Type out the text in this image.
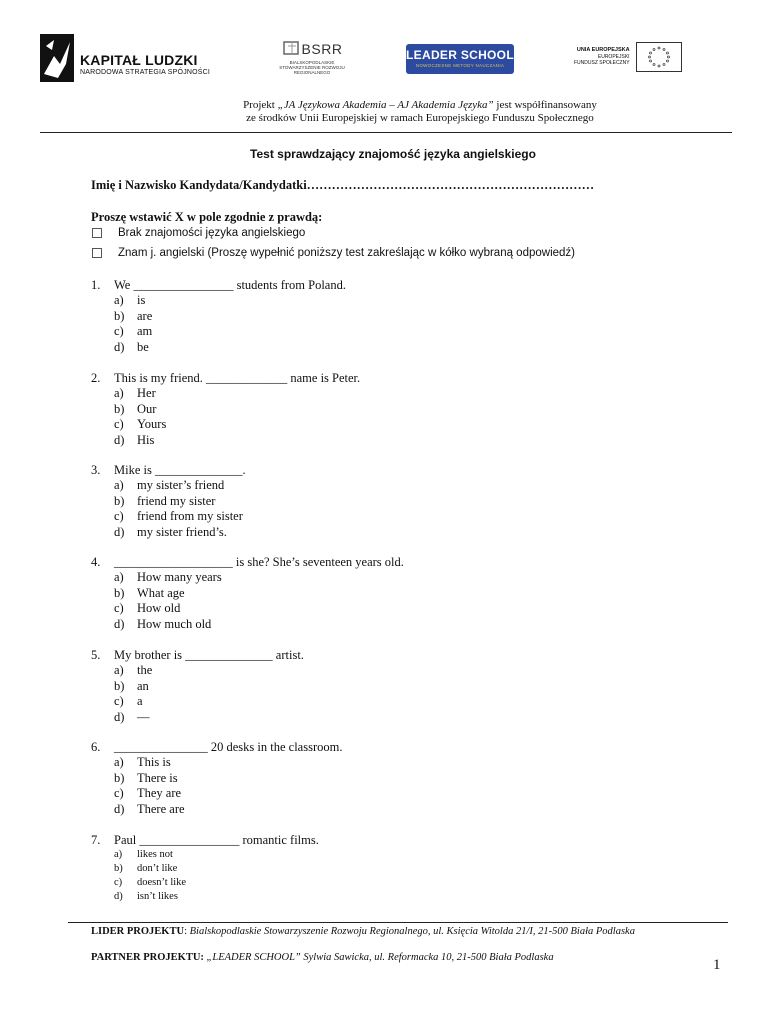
KAPITAŁ LUDZKI
NARODOWA STRATEGIA SPÓJNOŚCI
BSRR
BIALSKOPODLASKIE STOWARZYSZENIE ROZWOJU REGIONALNEGO
LEADER SCHOOL
NOWOCZESNE METODY NAUCZANIA
UNIA EUROPEJSKA
EUROPEJSKI
FUNDUSZ SPOŁECZNY
Projekt „JA Językowa Akademia – AJ Akademia Języka” jest współfinansowany
ze środków Unii Europejskiej w ramach Europejskiego Funduszu Społecznego
Test sprawdzający znajomość języka angielskiego
Imię i Nazwisko Kandydata/Kandydatki……………………………………………………………
Proszę wstawić X w pole zgodnie z prawdą:
Brak znajomości języka angielskiego
Znam j. angielski (Proszę wypełnić poniższy test zakreślając w kółko wybraną odpowiedź)
1.	We ________________ students from Poland.
a)	is
b)	are
c)	am
d)	be
2.	This is my friend. _____________ name is Peter.
a)	Her
b)	Our
c)	Yours
d)	His
3.	Mike is ______________.
a)	my sister’s friend
b)	friend my sister
c)	friend from my sister
d)	my sister friend’s.
4.	___________________ is she? She’s seventeen years old.
a)	How many years
b)	What age
c)	How old
d)	How much old
5.	My brother is ______________ artist.
a)	the
b)	an
c)	a
d)	—
6.	_______________ 20 desks in the classroom.
a)	This is
b)	There is
c)	They are
d)	There are
7.	Paul ________________ romantic films.
a)	likes not
b)	don’t like
c)	doesn’t like
d)	isn’t likes
LIDER PROJEKTU: Bialskopodlaskie Stowarzyszenie Rozwoju Regionalnego, ul. Księcia Witolda 21/I, 21-500 Biała Podlaska
PARTNER PROJEKTU: „LEADER SCHOOL” Sylwia Sawicka, ul. Reformacka 10, 21-500 Biała Podlaska	1
